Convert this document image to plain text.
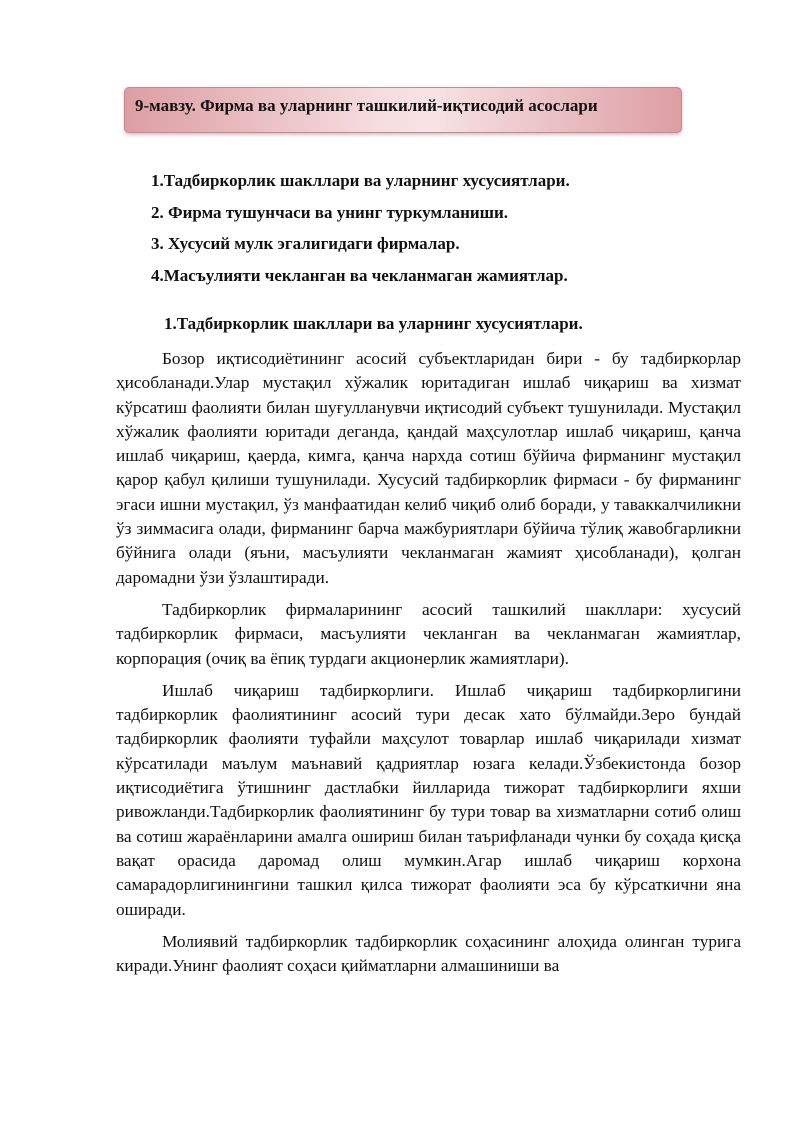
9-мавзу. Фирма ва уларнинг ташкилий-иқтисодий асослари
1.Тадбиркорлик шакллари ва уларнинг хусусиятлари.
2. Фирма тушунчаси ва унинг туркумланиши.
3. Хусусий мулк эгалигидаги фирмалар.
4.Масъулияти чекланган ва чекланмаган жамиятлар.
1.Тадбиркорлик шакллари ва уларнинг хусусиятлари.

Бозор иқтисодиётининг асосий субъектларидан бири - бу тадбиркорлар ҳисобланади.Улар мустақил хўжалик юритадиган ишлаб чиқариш ва хизмат кўрсатиш фаолияти билан шуғулланувчи иқтисодий субъект тушунилади. Мустақил хўжалик фаолияти юритади деганда, қандай маҳсулотлар ишлаб чиқариш, қанча ишлаб чиқариш, қаерда, кимга, қанча нархда сотиш бўйича фирманинг мустақил қарор қабул қилиши тушунилади. Хусусий тадбиркорлик фирмаси - бу фирманинг эгаси ишни мустақил, ўз манфаатидан келиб чиқиб олиб боради, у таваккалчиликни ўз зиммасига олади, фирманинг барча мажбуриятлари бўйича тўлиқ жавобгарликни бўйнига олади (яъни, масъулияти чекланмаган жамият ҳисобланади), қолган даромадни ўзи ўзлаштиради.

Тадбиркорлик фирмаларининг асосий ташкилий шакллари: хусусий тадбиркорлик фирмаси, масъулияти чекланган ва чекланмаган жамиятлар, корпорация (очиқ ва ёпиқ турдаги акционерлик жамиятлари).

Ишлаб чиқариш тадбиркорлиги. Ишлаб чиқариш тадбиркорлигини тадбиркорлик фаолиятининг асосий тури десак хато бўлмайди.Зеро бундай тадбиркорлик фаолияти туфайли маҳсулот товарлар ишлаб чиқарилади хизмат кўрсатилади маълум маънавий қадриятлар юзага келади.Ўзбекистонда бозор иқтисодиётига ўтишнинг дастлабки йилларида тижорат тадбиркорлиги яхши ривожланди.Тадбиркорлик фаолиятининг бу тури товар ва хизматларни сотиб олиш ва сотиш жараёнларини амалга ошириш билан таърифланади чунки бу соҳада қисқа вақат орасида даромад олиш мумкин.Агар ишлаб чиқариш корхона самарадорлигинингини ташкил қилса тижорат фаолияти эса бу кўрсаткични яна оширади.

Молиявий тадбиркорлик тадбиркорлик соҳасининг алоҳида олинган турига киради.Унинг фаолият соҳаси қийматларни алмашиниши ва
